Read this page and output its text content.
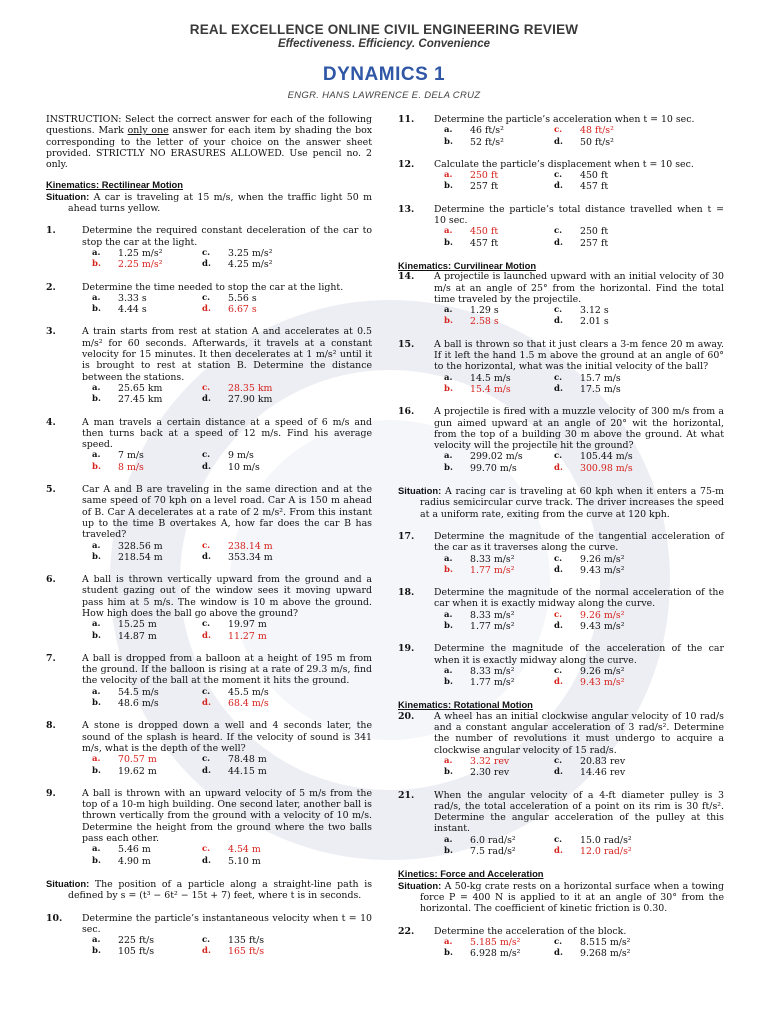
REAL EXCELLENCE ONLINE CIVIL ENGINEERING REVIEW
Effectiveness. Efficiency. Convenience
DYNAMICS 1
ENGR. HANS LAWRENCE E. DELA CRUZ
INSTRUCTION: Select the correct answer for each of the following questions. Mark only one answer for each item by shading the box corresponding to the letter of your choice on the answer sheet provided. STRICTLY NO ERASURES ALLOWED. Use pencil no. 2 only.
Kinematics: Rectilinear Motion
Situation: A car is traveling at 15 m/s, when the traffic light 50 m ahead turns yellow.
1.	Determine the required constant deceleration of the car to stop the car at the light.
a.	1.25 m/s²	c.	3.25 m/s²
b.	2.25 m/s²	d.	4.25 m/s²
2.	Determine the time needed to stop the car at the light.
a.	3.33 s	c.	5.56 s
b.	4.44 s	d.	6.67 s
3.	A train starts from rest at station A and accelerates at 0.5 m/s² for 60 seconds. Afterwards, it travels at a constant velocity for 15 minutes. It then decelerates at 1 m/s² until it is brought to rest at station B. Determine the distance between the stations.
a.	25.65 km	c.	28.35 km
b.	27.45 km	d.	27.90 km
4.	A man travels a certain distance at a speed of 6 m/s and then turns back at a speed of 12 m/s. Find his average speed.
a.	7 m/s	c.	9 m/s
b.	8 m/s	d.	10 m/s
5.	Car A and B are traveling in the same direction and at the same speed of 70 kph on a level road. Car A is 150 m ahead of B. Car A decelerates at a rate of 2 m/s². From this instant up to the time B overtakes A, how far does the car B has traveled?
a.	328.56 m	c.	238.14 m
b.	218.54 m	d.	353.34 m
6.	A ball is thrown vertically upward from the ground and a student gazing out of the window sees it moving upward pass him at 5 m/s. The window is 10 m above the ground. How high does the ball go above the ground?
a.	15.25 m	c.	19.97 m
b.	14.87 m	d.	11.27 m
7.	A ball is dropped from a balloon at a height of 195 m from the ground. If the balloon is rising at a rate of 29.3 m/s, find the velocity of the ball at the moment it hits the ground.
a.	54.5 m/s	c.	45.5 m/s
b.	48.6 m/s	d.	68.4 m/s
8.	A stone is dropped down a well and 4 seconds later, the sound of the splash is heard. If the velocity of sound is 341 m/s, what is the depth of the well?
a.	70.57 m	c.	78.48 m
b.	19.62 m	d.	44.15 m
9.	A ball is thrown with an upward velocity of 5 m/s from the top of a 10-m high building. One second later, another ball is thrown vertically from the ground with a velocity of 10 m/s. Determine the height from the ground where the two balls pass each other.
a.	5.46 m	c.	4.54 m
b.	4.90 m	d.	5.10 m
Situation: The position of a particle along a straight-line path is defined by s = (t³ − 6t² − 15t + 7) feet, where t is in seconds.
10.	Determine the particle’s instantaneous velocity when t = 10 sec.
a.	225 ft/s	c.	135 ft/s
b.	105 ft/s	d.	165 ft/s
11.	Determine the particle’s acceleration when t = 10 sec.
a.	46 ft/s²	c.	48 ft/s²
b.	52 ft/s²	d.	50 ft/s²
12.	Calculate the particle’s displacement when t = 10 sec.
a.	250 ft	c.	450 ft
b.	257 ft	d.	457 ft
13.	Determine the particle’s total distance travelled when t = 10 sec.
a.	450 ft	c.	250 ft
b.	457 ft	d.	257 ft
Kinematics: Curvilinear Motion
14.	A projectile is launched upward with an initial velocity of 30 m/s at an angle of 25° from the horizontal. Find the total time traveled by the projectile.
a.	1.29 s	c.	3.12 s
b.	2.58 s	d.	2.01 s
15.	A ball is thrown so that it just clears a 3-m fence 20 m away. If it left the hand 1.5 m above the ground at an angle of 60° to the horizontal, what was the initial velocity of the ball?
a.	14.5 m/s	c.	15.7 m/s
b.	15.4 m/s	d.	17.5 m/s
16.	A projectile is fired with a muzzle velocity of 300 m/s from a gun aimed upward at an angle of 20° wit the horizontal, from the top of a building 30 m above the ground. At what velocity will the projectile hit the ground?
a.	299.02 m/s	c.	105.44 m/s
b.	99.70 m/s	d.	300.98 m/s
Situation: A racing car is traveling at 60 kph when it enters a 75-m radius semicircular curve track. The driver increases the speed at a uniform rate, exiting from the curve at 120 kph.
17.	Determine the magnitude of the tangential acceleration of the car as it traverses along the curve.
a.	8.33 m/s²	c.	9.26 m/s²
b.	1.77 m/s²	d.	9.43 m/s²
18.	Determine the magnitude of the normal acceleration of the car when it is exactly midway along the curve.
a.	8.33 m/s²	c.	9.26 m/s²
b.	1.77 m/s²	d.	9.43 m/s²
19.	Determine the magnitude of the acceleration of the car when it is exactly midway along the curve.
a.	8.33 m/s²	c.	9.26 m/s²
b.	1.77 m/s²	d.	9.43 m/s²
Kinematics: Rotational Motion
20.	A wheel has an initial clockwise angular velocity of 10 rad/s and a constant angular acceleration of 3 rad/s². Determine the number of revolutions it must undergo to acquire a clockwise angular velocity of 15 rad/s.
a.	3.32 rev	c.	20.83 rev
b.	2.30 rev	d.	14.46 rev
21.	When the angular velocity of a 4-ft diameter pulley is 3 rad/s, the total acceleration of a point on its rim is 30 ft/s². Determine the angular acceleration of the pulley at this instant.
a.	6.0 rad/s²	c.	15.0 rad/s²
b.	7.5 rad/s²	d.	12.0 rad/s²
Kinetics: Force and Acceleration
Situation: A 50-kg crate rests on a horizontal surface when a towing force P = 400 N is applied to it at an angle of 30° from the horizontal. The coefficient of kinetic friction is 0.30.
22.	Determine the acceleration of the block.
a.	5.185 m/s²	c.	8.515 m/s²
b.	6.928 m/s²	d.	9.268 m/s²
